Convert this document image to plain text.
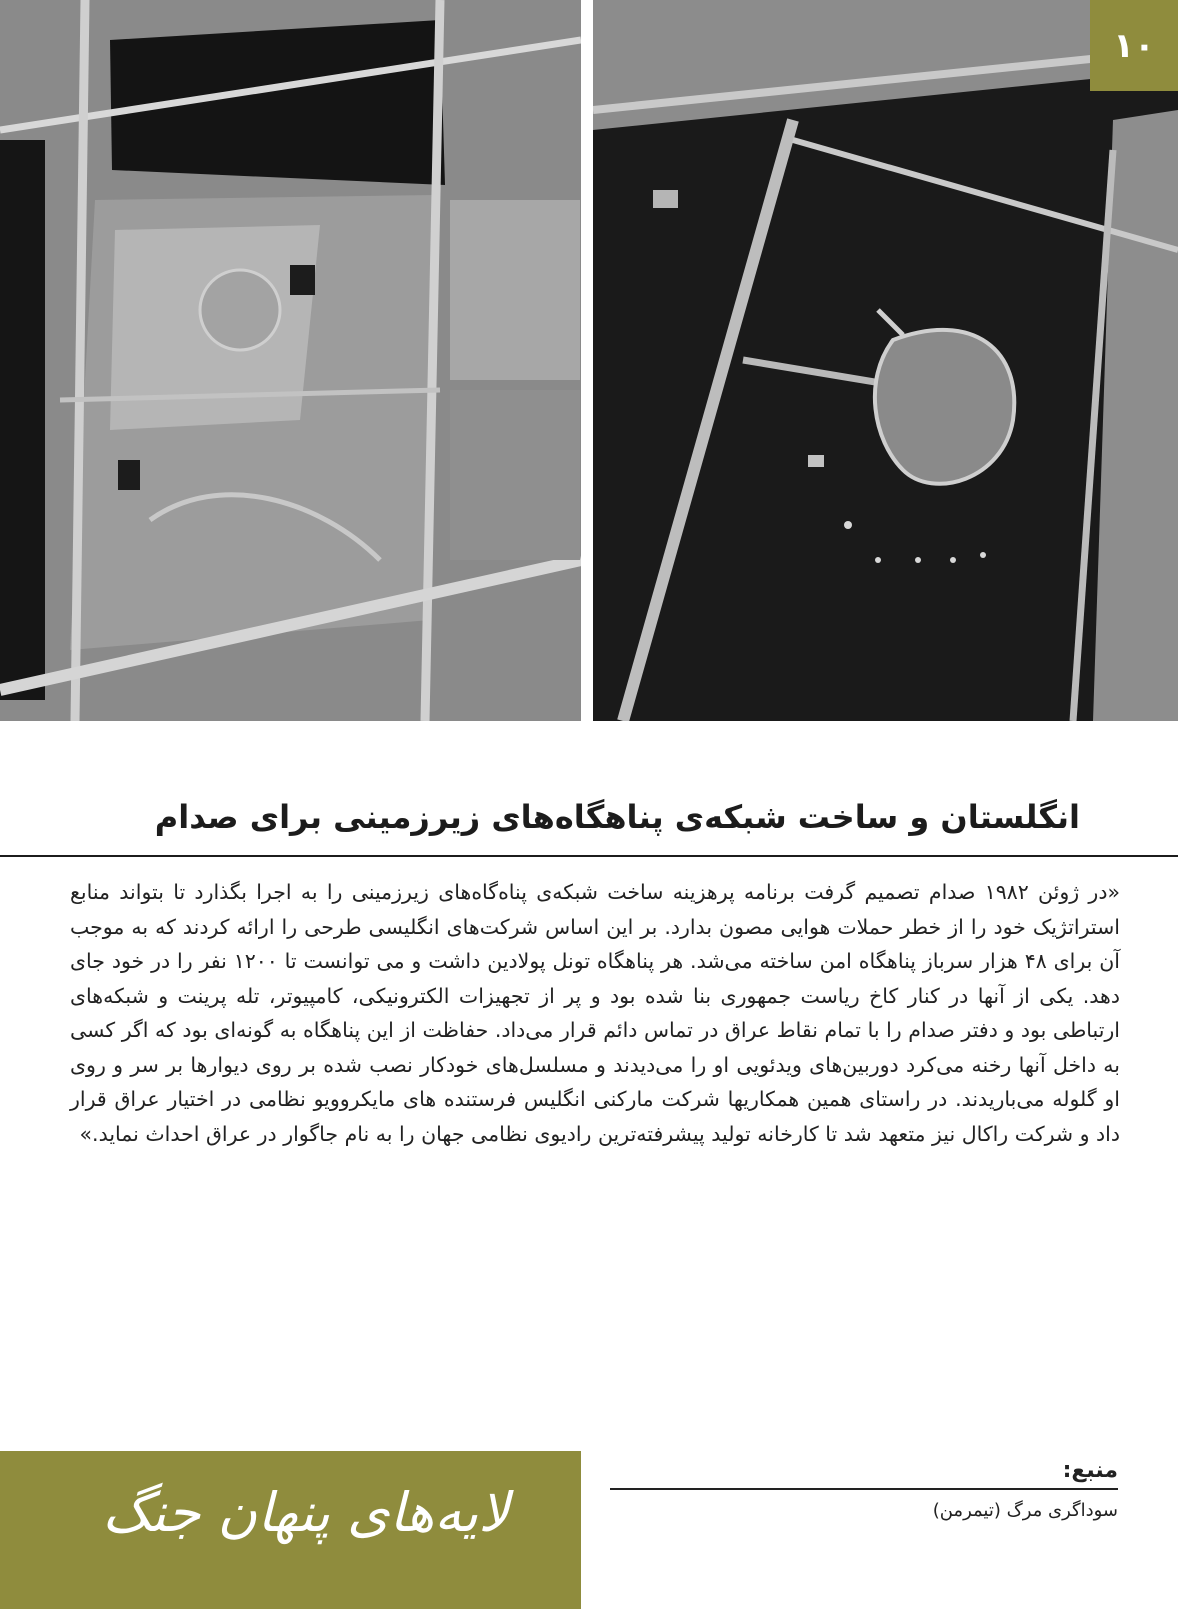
۱۰
انگلستان و ساخت شبکه‌ی پناهگاه‌های زیرزمینی برای صدام
«در ژوئن ۱۹۸۲ صدام تصمیم گرفت برنامه پرهزینه ساخت شبکه‌ی پناه‌گاه‌های زیرزمینی را به اجرا بگذارد تا بتواند منابع استراتژیک خود را از خطر حملات هوایی مصون بدارد. بر این اساس شرکت‌های انگلیسی طرحی را ارائه کردند که به موجب آن برای ۴۸ هزار سرباز پناهگاه امن ساخته می‌شد. هر پناهگاه تونل پولادین داشت و می توانست تا ۱۲۰۰ نفر را در خود جای دهد. یکی از آنها در کنار کاخ ریاست جمهوری بنا شده بود و پر از تجهیزات الکترونیکی، کامپیوتر، تله پرینت و شبکه‌های ارتباطی بود و دفتر صدام را با تمام نقاط عراق در تماس دائم قرار می‌داد. حفاظت از این پناهگاه به گونه‌ای بود که اگر کسی به داخل آنها رخنه می‌کرد دوربین‌های ویدئویی او را می‌دیدند و مسلسل‌های خودکار نصب شده بر روی دیوارها بر سر و روی او گلوله می‌باریدند. در راستای همین همکاریها شرکت مارکنی انگلیس فرستنده های مایکروویو نظامی در اختیار عراق قرار داد و شرکت راکال نیز متعهد شد تا کارخانه تولید پیشرفته‌ترین رادیوی نظامی جهان را به نام جاگوار در عراق احداث نماید.»
لایه‌های پنهان جنگ
منبع:
سوداگری مرگ (تیمرمن)
